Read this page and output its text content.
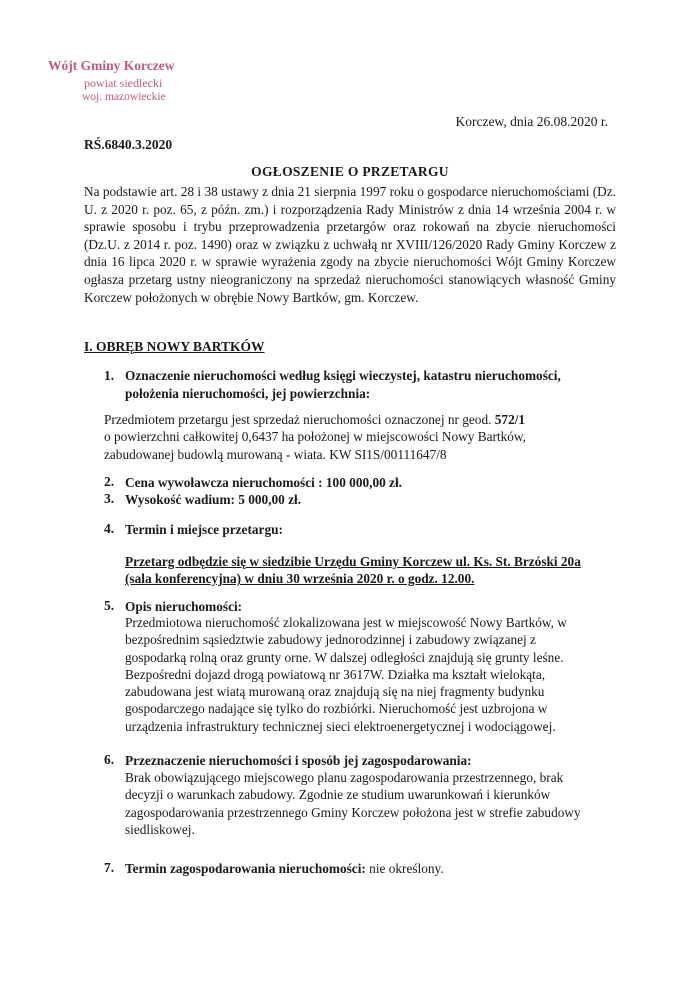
Wójt Gminy Korczew
powiat siedlecki
woj. mazowieckie
Korczew, dnia 26.08.2020 r.
RŚ.6840.3.2020
OGŁOSZENIE O PRZETARGU
Na podstawie art. 28 i 38 ustawy z dnia 21 sierpnia 1997 roku o gospodarce nieruchomościami (Dz. U. z 2020 r. poz. 65, z późn. zm.) i rozporządzenia Rady Ministrów z dnia 14 września 2004 r. w sprawie sposobu i trybu przeprowadzenia przetargów oraz rokowań na zbycie nieruchomości (Dz.U. z 2014 r. poz. 1490) oraz w związku z uchwałą nr XVIII/126/2020 Rady Gminy Korczew z dnia 16 lipca 2020 r. w sprawie wyrażenia zgody na zbycie nieruchomości Wójt Gminy Korczew ogłasza przetarg ustny nieograniczony na sprzedaż nieruchomości stanowiących własność Gminy Korczew położonych w obrębie Nowy Bartków, gm. Korczew.
I. OBRĘB NOWY BARTKÓW
1. Oznaczenie nieruchomości według księgi wieczystej, katastru nieruchomości,
położenia nieruchomości, jej powierzchnia:
Przedmiotem przetargu jest sprzedaż nieruchomości oznaczonej nr geod. 572/1
o powierzchni całkowitej 0,6437 ha położonej w miejscowości Nowy Bartków,
zabudowanej budowlą murowaną - wiata. KW SI1S/00111647/8
2. Cena wywoławcza nieruchomości : 100 000,00 zł.
3. Wysokość wadium: 5 000,00 zł.
4. Termin i miejsce przetargu:
Przetarg odbędzie się w siedzibie Urzędu Gminy Korczew ul. Ks. St. Brzóski 20a
(sala konferencyjna) w dniu 30 września 2020 r. o godz. 12.00.
5. Opis nieruchomości:
Przedmiotowa nieruchomość zlokalizowana jest w miejscowość Nowy Bartków, w
bezpośrednim sąsiedztwie zabudowy jednorodzinnej i zabudowy związanej z
gospodarką rolną oraz grunty orne. W dalszej odległości znajdują się grunty leśne.
Bezpośredni dojazd drogą powiatową nr 3617W. Działka ma kształt wielokąta,
zabudowana jest wiatą murowaną oraz znajdują się na niej fragmenty budynku
gospodarczego nadające się tylko do rozbiórki. Nieruchomość jest uzbrojona w
urządzenia infrastruktury technicznej sieci elektroenergetycznej i wodociągowej.
6. Przeznaczenie nieruchomości i sposób jej zagospodarowania:
Brak obowiązującego miejscowego planu zagospodarowania przestrzennego, brak
decyzji o warunkach zabudowy. Zgodnie ze studium uwarunkowań i kierunków
zagospodarowania przestrzennego Gminy Korczew położona jest w strefie zabudowy
siedliskowej.
7. Termin zagospodarowania nieruchomości: nie określony.
